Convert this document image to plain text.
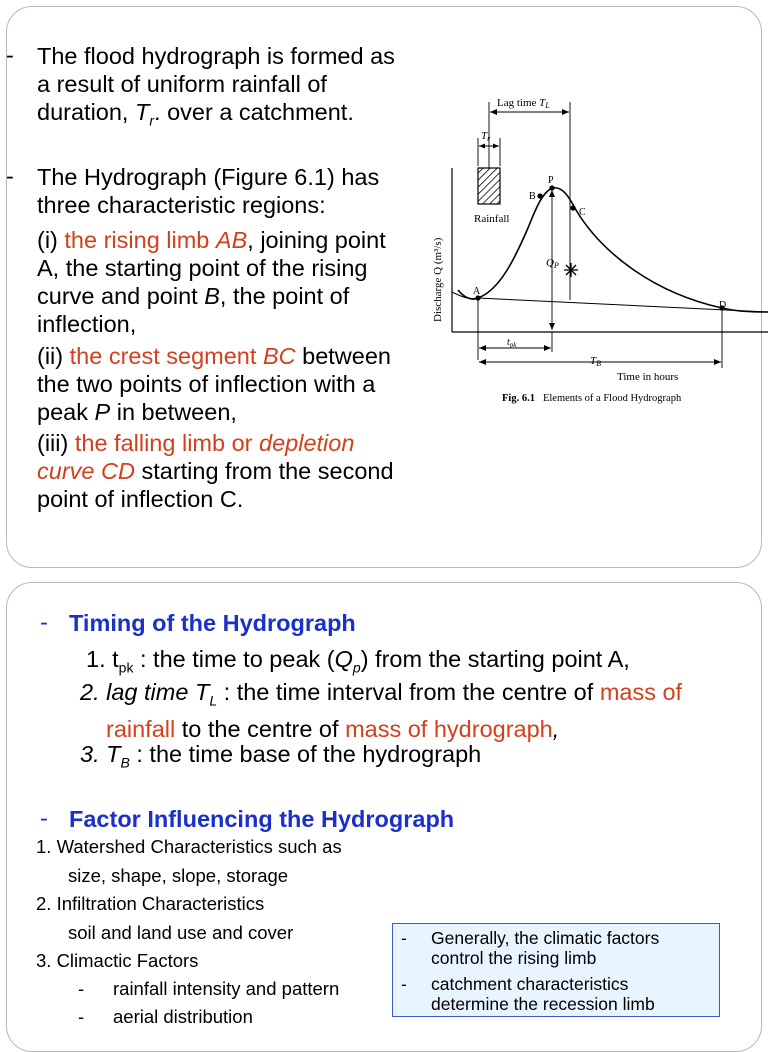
- The flood hydrograph is formed as
a result of uniform rainfall of
duration, $T_r$. over a catchment.
- The Hydrograph (Figure 6.1) has
three characteristic regions:
(i) the rising limb AB, joining point
A, the starting point of the rising
curve and point B, the point of
inflection,
(ii) the crest segment BC between
the two points of inflection with a
peak P in between,
(iii) the falling limb or depletion
curve CD starting from the second
point of inflection C.
Lag time TL
Tr
Rainfall
Discharge Q (m³/s)	A
B
P
C
D
QP
$t_{pk}$
TB
Time in hours
Fig. 6.1 Elements of a Flood Hydrograph
- Timing of the Hydrograph
1. $t_{pk}$ : the time to peak $(Q_p)$ from the starting point A,
2. lag time $T_L$ : the time interval from the centre of mass of
rainfall to the centre of mass of hydrograph,
3. $T_B$ : the time base of the hydrograph
- Factor Influencing the Hydrograph
1. Watershed Characteristics such as
size, shape, slope, storage
2. Infiltration Characteristics
soil and land use and cover
3. Climactic Factors
- rainfall intensity and pattern
- aerial distribution
- Generally, the climatic factors
control the rising limb
- catchment characteristics
determine the recession limb
